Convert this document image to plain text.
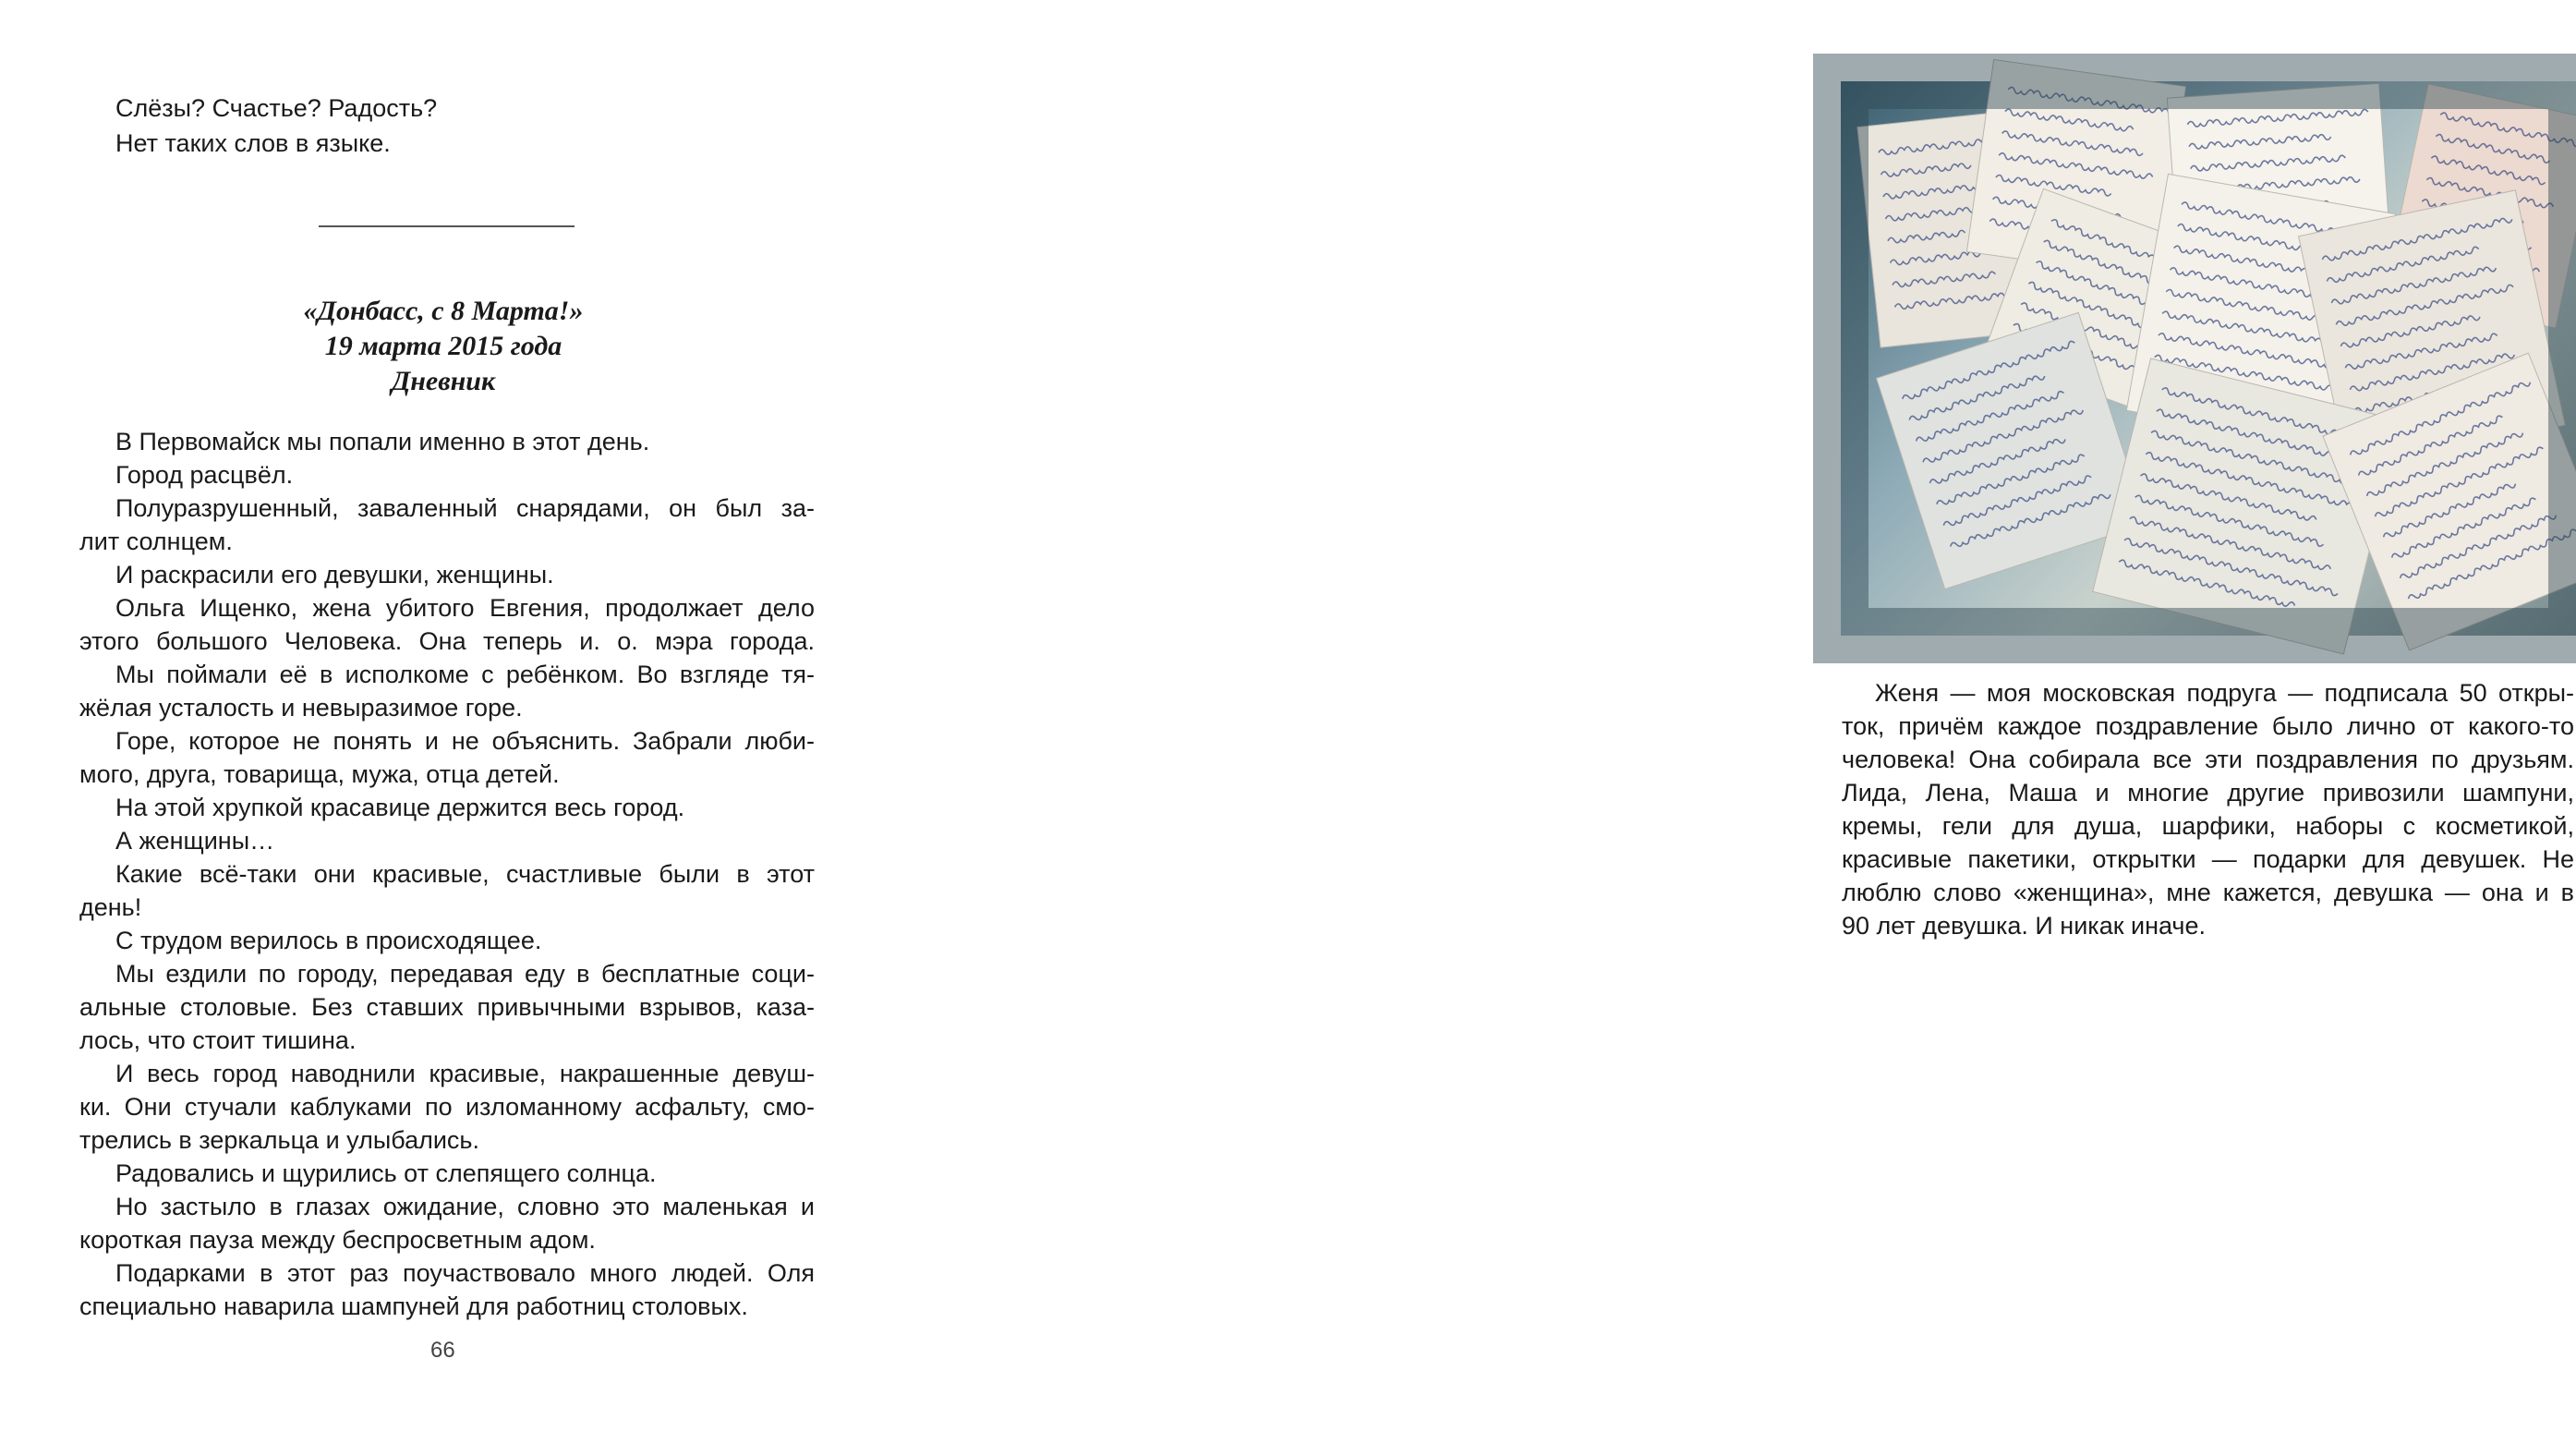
Слёзы? Счастье? Радость?
Нет таких слов в языке.
«Донбасс, с 8 Марта!»
19 марта 2015 года
Дневник
В Первомайск мы попали именно в этот день.
Город расцвёл.
Полуразрушенный, заваленный снарядами, он был за-
лит солнцем.
И раскрасили его девушки, женщины.
Ольга Ищенко, жена убитого Евгения, продолжает дело
этого большого Человека. Она теперь и. о. мэра города.
Мы поймали её в исполкоме с ребёнком. Во взгляде тя-
жёлая усталость и невыразимое горе.
Горе, которое не понять и не объяснить. Забрали люби-
мого, друга, товарища, мужа, отца детей.
На этой хрупкой красавице держится весь город.
А женщины…
Какие всё-таки они красивые, счастливые были в этот
день!
С трудом верилось в происходящее.
Мы ездили по городу, передавая еду в бесплатные соци-
альные столовые. Без ставших привычными взрывов, каза-
лось, что стоит тишина.
И весь город наводнили красивые, накрашенные девуш-
ки. Они стучали каблуками по изломанному асфальту, смо-
трелись в зеркальца и улыбались.
Радовались и щурились от слепящего солнца.
Но застыло в глазах ожидание, словно это маленькая и
короткая пауза между беспросветным адом.
Подарками в этот раз поучаствовало много людей. Оля
специально наварила шампуней для работниц столовых.
66
Женя — моя московская подруга — подписала 50 откры-
ток, причём каждое поздравление было лично от какого-то
человека! Она собирала все эти поздравления по друзьям.
Лида, Лена, Маша и многие другие привозили шампуни,
кремы, гели для душа, шарфики, наборы с косметикой,
красивые пакетики, открытки — подарки для девушек. Не
люблю слово «женщина», мне кажется, девушка — она и в
90 лет девушка. И никак иначе.
